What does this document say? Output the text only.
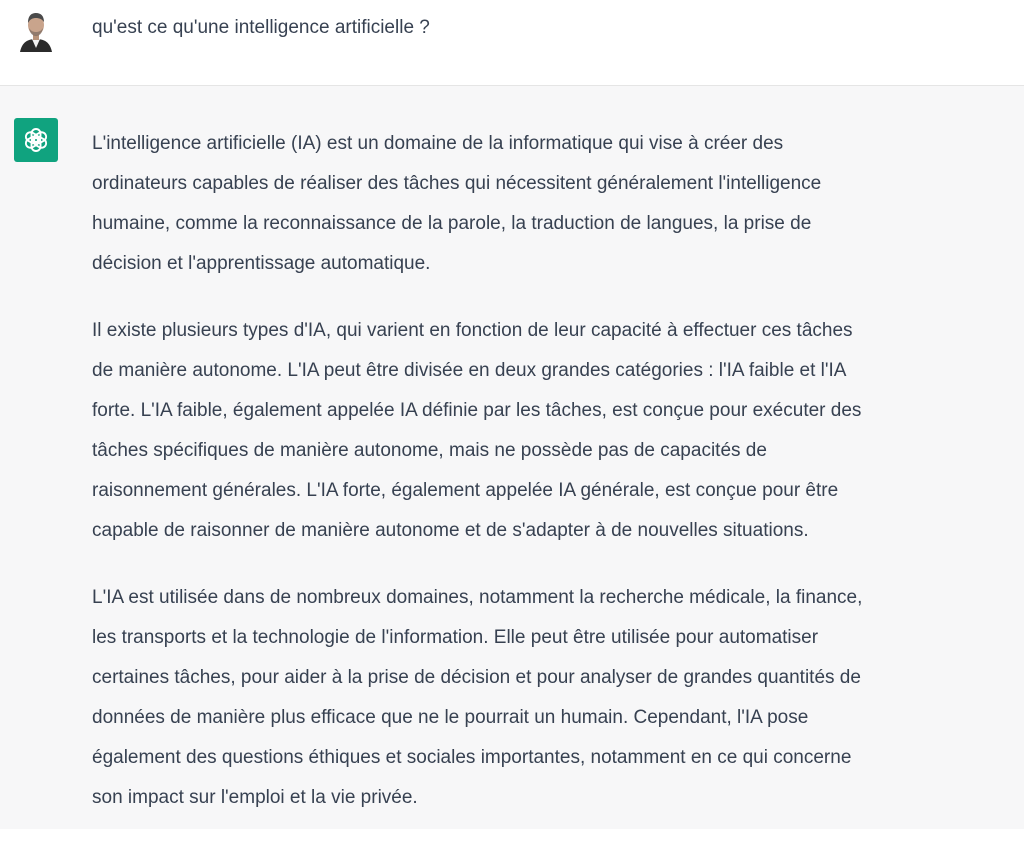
qu'est ce qu'une intelligence artificielle ?

L'intelligence artificielle (IA) est un domaine de la informatique qui vise à créer des
ordinateurs capables de réaliser des tâches qui nécessitent généralement l'intelligence
humaine, comme la reconnaissance de la parole, la traduction de langues, la prise de
décision et l'apprentissage automatique.

Il existe plusieurs types d'IA, qui varient en fonction de leur capacité à effectuer ces tâches
de manière autonome. L'IA peut être divisée en deux grandes catégories : l'IA faible et l'IA
forte. L'IA faible, également appelée IA définie par les tâches, est conçue pour exécuter des
tâches spécifiques de manière autonome, mais ne possède pas de capacités de
raisonnement générales. L'IA forte, également appelée IA générale, est conçue pour être
capable de raisonner de manière autonome et de s'adapter à de nouvelles situations.

L'IA est utilisée dans de nombreux domaines, notamment la recherche médicale, la finance,
les transports et la technologie de l'information. Elle peut être utilisée pour automatiser
certaines tâches, pour aider à la prise de décision et pour analyser de grandes quantités de
données de manière plus efficace que ne le pourrait un humain. Cependant, l'IA pose
également des questions éthiques et sociales importantes, notamment en ce qui concerne
son impact sur l'emploi et la vie privée.
